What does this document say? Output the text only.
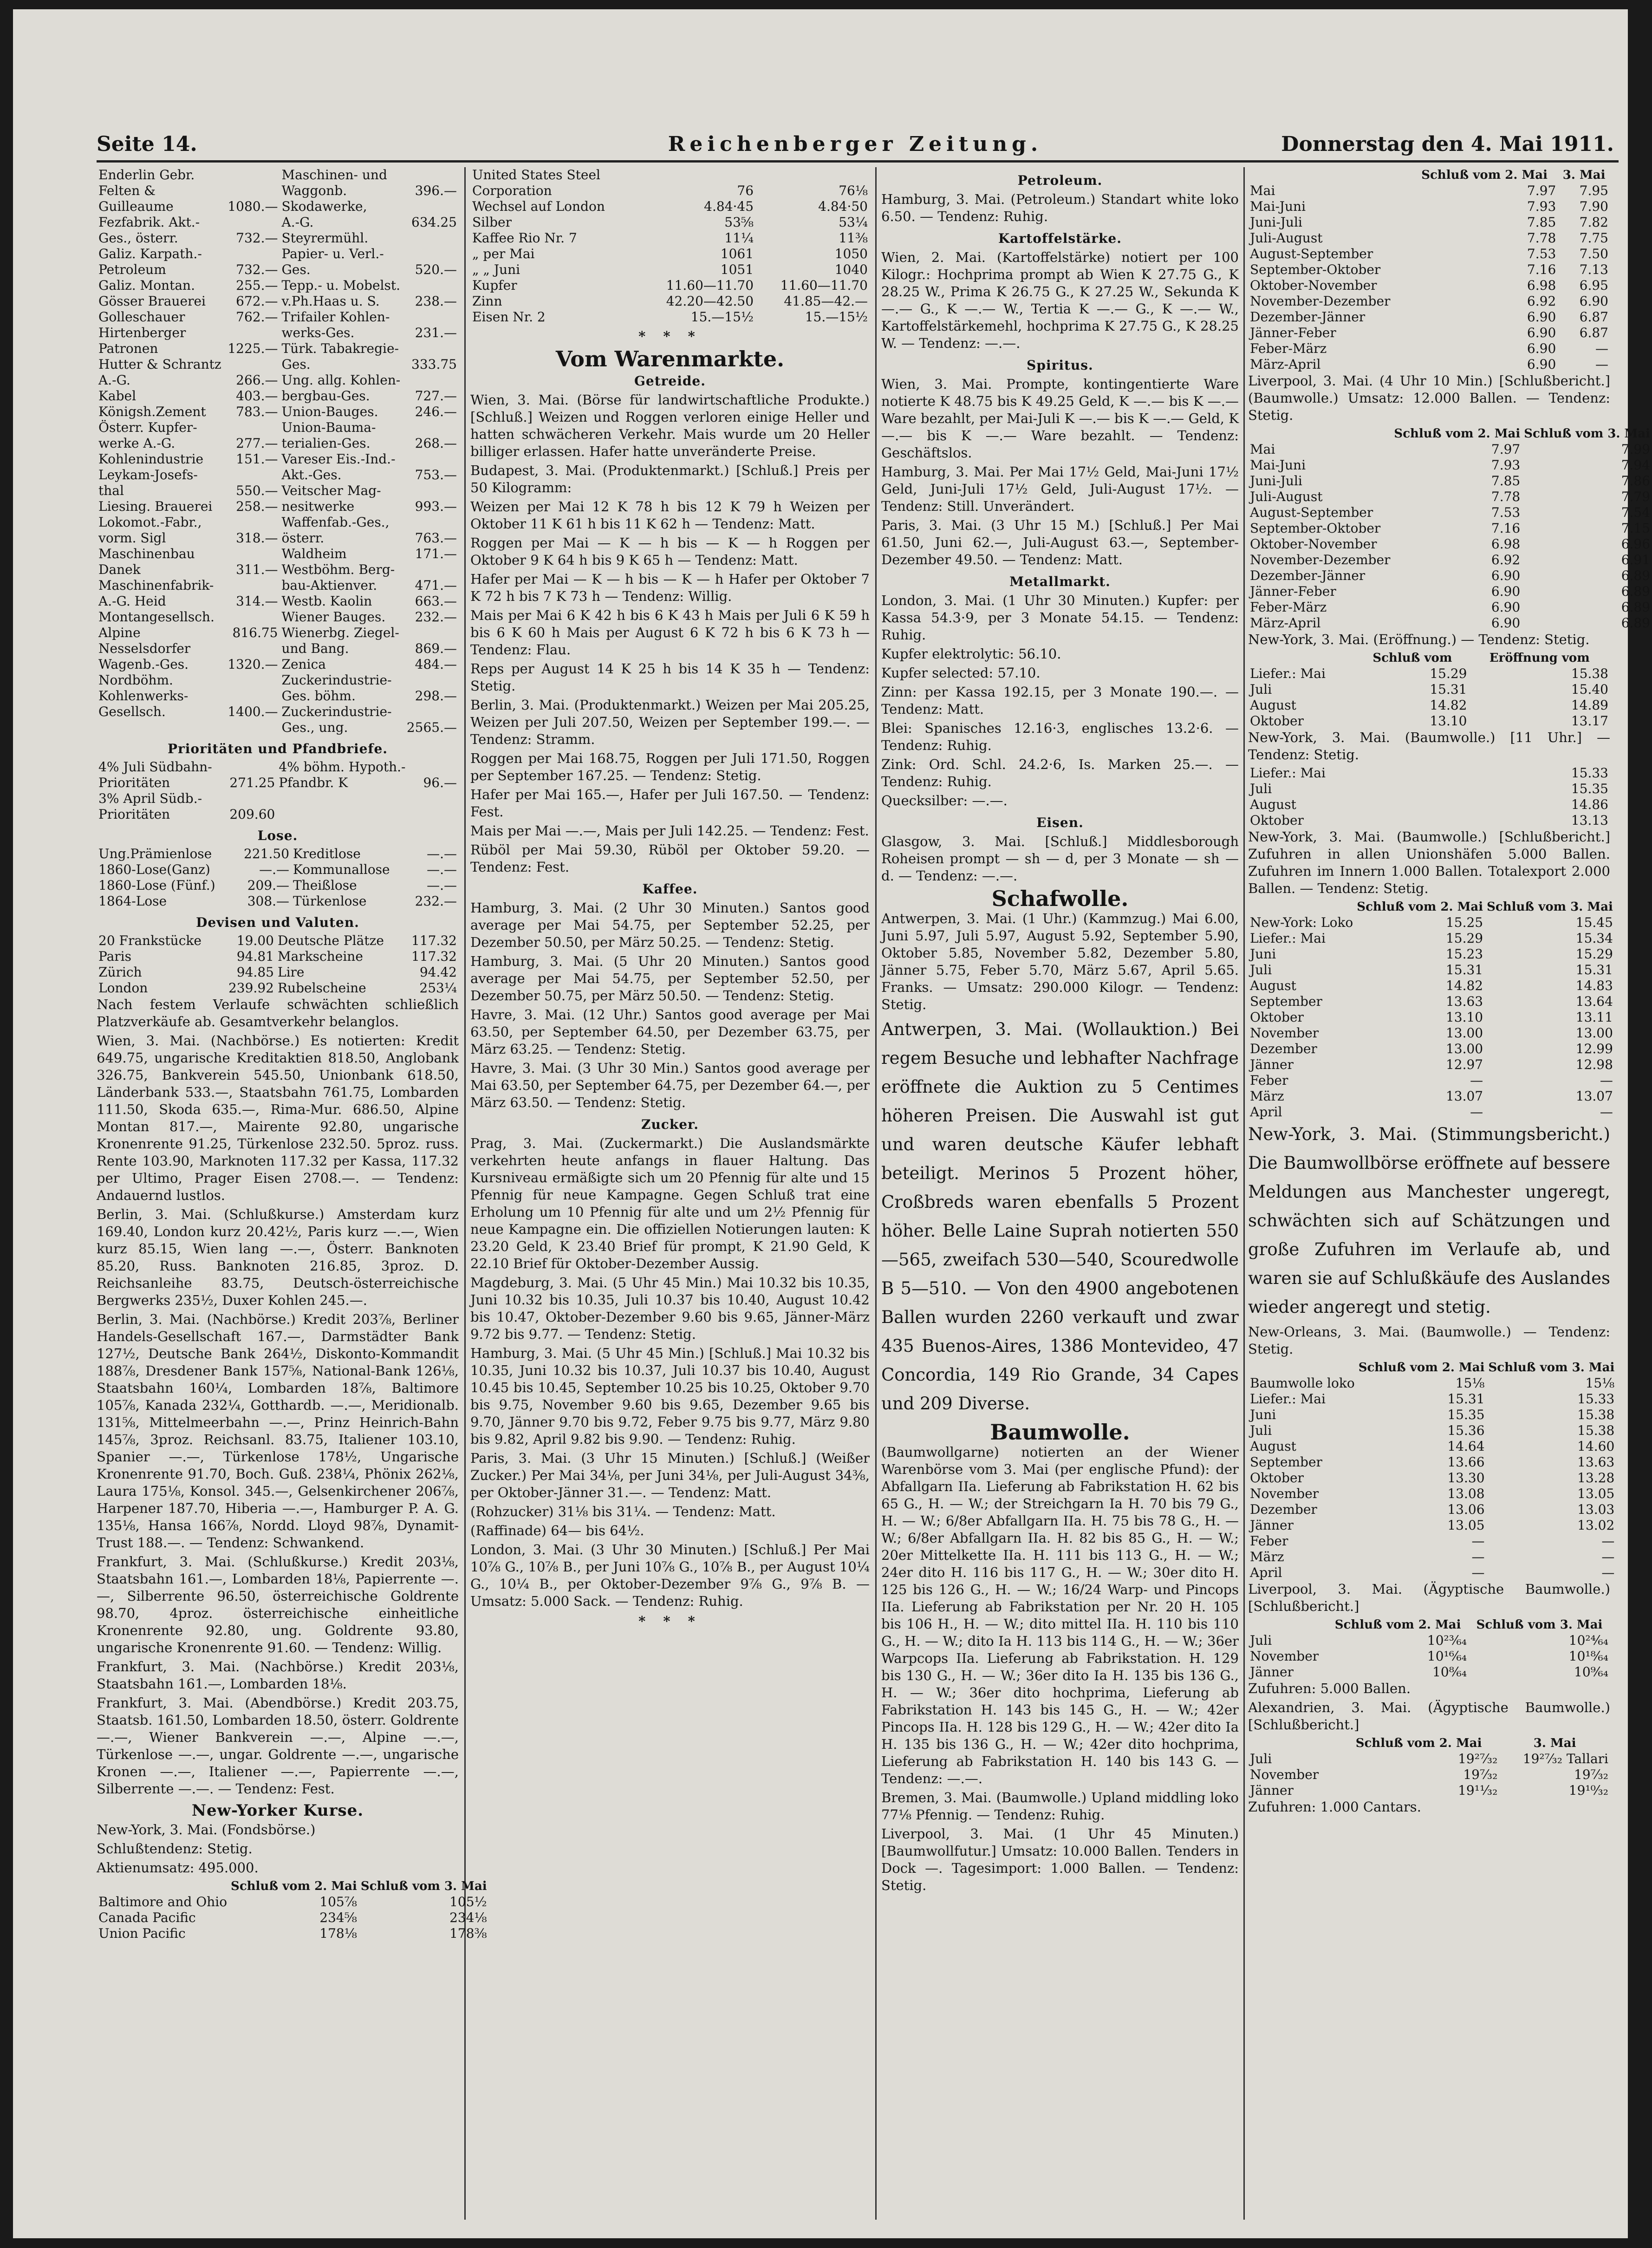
Seite 14.	Reichenberger Zeitung.	Donnerstag den 4. Mai 1911.
Enderlin Gebr.		Maschinen- und	
Felten &		Waggonb.	396.—
Guilleaume	1080.—	Skodawerke,	
Fezfabrik. Akt.-		A.-G.	634.25
Ges., österr.	732.—	Steyrermühl.	
Galiz. Karpath.-		Papier- u. Verl.-	
Petroleum	732.—	Ges.	520.—
Galiz. Montan.	255.—	Tepp.- u. Mobelst.	
Gösser Brauerei	672.—	v.Ph.Haas u. S.	238.—
Golleschauer	762.—	Trifailer Kohlen-	
Hirtenberger		werks-Ges.	231.—
Patronen	1225.—	Türk. Tabakregie-	
Hutter & Schrantz		Ges.	333.75
A.-G.	266.—	Ung. allg. Kohlen-	
Kabel	403.—	bergbau-Ges.	727.—
Königsh.Zement	783.—	Union-Bauges.	246.—
Österr. Kupfer-		Union-Bauma-	
werke A.-G.	277.—	terialien-Ges.	268.—
Kohlenindustrie	151.—	Vareser Eis.-Ind.-	
Leykam-Josefs-		Akt.-Ges.	753.—
thal	550.—	Veitscher Mag-	
Liesing. Brauerei	258.—	nesitwerke	993.—
Lokomot.-Fabr.,		Waffenfab.-Ges.,	
vorm. Sigl	318.—	österr.	763.—
Maschinenbau		Waldheim	171.—
Danek	311.—	Westböhm. Berg-	
Maschinenfabrik-		bau-Aktienver.	471.—
A.-G. Heid	314.—	Westb. Kaolin	663.—
Montangesellsch.		Wiener Bauges.	232.—
Alpine	816.75	Wienerbg. Ziegel-	
Nesselsdorfer		und Bang.	869.—
Wagenb.-Ges.	1320.—	Zenica	484.—
Nordböhm.		Zuckerindustrie-	
Kohlenwerks-		Ges. böhm.	298.—
Gesellsch.	1400.—	Zuckerindustrie-	
		Ges., ung.	2565.—
Prioritäten und Pfandbriefe.
4% Juli Südbahn-		4% böhm. Hypoth.-	
Prioritäten	271.25	Pfandbr. K	96.—
3% April Südb.-			
Prioritäten	209.60		
Lose.
Ung.Prämienlose	221.50	Kreditlose	—.—
1860-Lose(Ganz)	—.—	Kommunallose	—.—
1860-Lose (Fünf.)	209.—	Theißlose	—.—
1864-Lose	308.—	Türkenlose	232.—
Devisen und Valuten.
20 Frankstücke	19.00	Deutsche Plätze	117.32
Paris	94.81	Markscheine	117.32
Zürich	94.85	Lire	94.42
London	239.92	Rubelscheine	253¼

Nach festem Verlaufe schwächten schließlich Platzverkäufe ab. Gesamtverkehr belanglos.

Wien, 3. Mai. (Nachbörse.) Es notierten: Kredit 649.75, ungarische Kreditaktien 818.50, Anglobank 326.75, Bankverein 545.50, Unionbank 618.50, Länderbank 533.—, Staatsbahn 761.75, Lombarden 111.50, Skoda 635.—, Rima-Mur. 686.50, Alpine Montan 817.—, Mairente 92.80, ungarische Kronenrente 91.25, Türkenlose 232.50. 5proz. russ. Rente 103.90, Marknoten 117.32 per Kassa, 117.32 per Ultimo, Prager Eisen 2708.—. — Tendenz: Andauernd lustlos.

Berlin, 3. Mai. (Schlußkurse.) Amsterdam kurz 169.40, London kurz 20.42½, Paris kurz —.—, Wien kurz 85.15, Wien lang —.—, Österr. Banknoten 85.20, Russ. Banknoten 216.85, 3proz. D. Reichsanleihe 83.75, Deutsch-österreichische Bergwerks 235½, Duxer Kohlen 245.—.

Berlin, 3. Mai. (Nachbörse.) Kredit 203⅞, Berliner Handels-Gesellschaft 167.—, Darmstädter Bank 127½, Deutsche Bank 264½, Diskonto-Kommandit 188⅞, Dresdener Bank 157⅝, National-Bank 126⅛, Staatsbahn 160¼, Lombarden 18⅞, Baltimore 105⅞, Kanada 232¼, Gotthardb. —.—, Meridionalb. 131⅝, Mittelmeerbahn —.—, Prinz Heinrich-Bahn 145⅞, 3proz. Reichsanl. 83.75, Italiener 103.10, Spanier —.—, Türkenlose 178½, Ungarische Kronenrente 91.70, Boch. Guß. 238¼, Phönix 262⅛, Laura 175⅛, Konsol. 345.—, Gelsenkirchener 206⅞, Harpener 187.70, Hiberia —.—, Hamburger P. A. G. 135⅛, Hansa 166⅞, Nordd. Lloyd 98⅞, Dynamit-Trust 188.—. — Tendenz: Schwankend.

Frankfurt, 3. Mai. (Schlußkurse.) Kredit 203⅛, Staatsbahn 161.—, Lombarden 18⅛, Papierrente —.—, Silberrente 96.50, österreichische Goldrente 98.70, 4proz. österreichische einheitliche Kronenrente 92.80, ung. Goldrente 93.80, ungarische Kronenrente 91.60. — Tendenz: Willig.

Frankfurt, 3. Mai. (Nachbörse.) Kredit 203⅛, Staatsbahn 161.—, Lombarden 18⅛.

Frankfurt, 3. Mai. (Abendbörse.) Kredit 203.75, Staatsb. 161.50, Lombarden 18.50, österr. Goldrente —.—, Wiener Bankverein —.—, Alpine —.—, Türkenlose —.—, ungar. Goldrente —.—, ungarische Kronen —.—, Italiener —.—, Papierrente —.—, Silberrente —.—. — Tendenz: Fest.

New-Yorker Kurse.

New-York, 3. Mai. (Fondsbörse.)

Schlußtendenz: Stetig.

Aktienumsatz: 495.000.

	Schluß vom 2. Mai	Schluß vom 3. Mai
Baltimore and Ohio	105⅞	105½
Canada Pacific	234⅝	234⅛
Union Pacific	178⅛	178⅜
United States Steel		
Corporation	76	76⅛
Wechsel auf London	4.84·45	4.84·50
Silber	53⅝	53¼
Kaffee Rio Nr. 7	11¼	11⅜
„ per Mai	1061	1050
„ „ Juni	1051	1040
Kupfer	11.60—11.70	11.60—11.70
Zinn	42.20—42.50	41.85—42.—
Eisen Nr. 2	15.—15½	15.—15½
* * *
Vom Warenmarkte.
Getreide.

Wien, 3. Mai. (Börse für landwirtschaftliche Produkte.) [Schluß.] Weizen und Roggen verloren einige Heller und hatten schwächeren Verkehr. Mais wurde um 20 Heller billiger erlassen. Hafer hatte unveränderte Preise.

Budapest, 3. Mai. (Produktenmarkt.) [Schluß.] Preis per 50 Kilogramm:

Weizen per Mai 12 K 78 h bis 12 K 79 h Weizen per Oktober 11 K 61 h bis 11 K 62 h — Tendenz: Matt.

Roggen per Mai — K — h bis — K — h Roggen per Oktober 9 K 64 h bis 9 K 65 h — Tendenz: Matt.

Hafer per Mai — K — h bis — K — h Hafer per Oktober 7 K 72 h bis 7 K 73 h — Tendenz: Willig.

Mais per Mai 6 K 42 h bis 6 K 43 h Mais per Juli 6 K 59 h bis 6 K 60 h Mais per August 6 K 72 h bis 6 K 73 h — Tendenz: Flau.

Reps per August 14 K 25 h bis 14 K 35 h — Tendenz: Stetig.

Berlin, 3. Mai. (Produktenmarkt.) Weizen per Mai 205.25, Weizen per Juli 207.50, Weizen per September 199.—. — Tendenz: Stramm.

Roggen per Mai 168.75, Roggen per Juli 171.50, Roggen per September 167.25. — Tendenz: Stetig.

Hafer per Mai 165.—, Hafer per Juli 167.50. — Tendenz: Fest.

Mais per Mai —.—, Mais per Juli 142.25. — Tendenz: Fest.

Rüböl per Mai 59.30, Rüböl per Oktober 59.20. — Tendenz: Fest.

Kaffee.

Hamburg, 3. Mai. (2 Uhr 30 Minuten.) Santos good average per Mai 54.75, per September 52.25, per Dezember 50.50, per März 50.25. — Tendenz: Stetig.

Hamburg, 3. Mai. (5 Uhr 20 Minuten.) Santos good average per Mai 54.75, per September 52.50, per Dezember 50.75, per März 50.50. — Tendenz: Stetig.

Havre, 3. Mai. (12 Uhr.) Santos good average per Mai 63.50, per September 64.50, per Dezember 63.75, per März 63.25. — Tendenz: Stetig.

Havre, 3. Mai. (3 Uhr 30 Min.) Santos good average per Mai 63.50, per September 64.75, per Dezember 64.—, per März 63.50. — Tendenz: Stetig.

Zucker.

Prag, 3. Mai. (Zuckermarkt.) Die Auslandsmärkte verkehrten heute anfangs in flauer Haltung. Das Kursniveau ermäßigte sich um 20 Pfennig für alte und 15 Pfennig für neue Kampagne. Gegen Schluß trat eine Erholung um 10 Pfennig für alte und um 2½ Pfennig für neue Kampagne ein. Die offiziellen Notierungen lauten: K 23.20 Geld, K 23.40 Brief für prompt, K 21.90 Geld, K 22.10 Brief für Oktober-Dezember Aussig.

Magdeburg, 3. Mai. (5 Uhr 45 Min.) Mai 10.32 bis 10.35, Juni 10.32 bis 10.35, Juli 10.37 bis 10.40, August 10.42 bis 10.47, Oktober-Dezember 9.60 bis 9.65, Jänner-März 9.72 bis 9.77. — Tendenz: Stetig.

Hamburg, 3. Mai. (5 Uhr 45 Min.) [Schluß.] Mai 10.32 bis 10.35, Juni 10.32 bis 10.37, Juli 10.37 bis 10.40, August 10.45 bis 10.45, September 10.25 bis 10.25, Oktober 9.70 bis 9.75, November 9.60 bis 9.65, Dezember 9.65 bis 9.70, Jänner 9.70 bis 9.72, Feber 9.75 bis 9.77, März 9.80 bis 9.82, April 9.82 bis 9.90. — Tendenz: Ruhig.

Paris, 3. Mai. (3 Uhr 15 Minuten.) [Schluß.] (Weißer Zucker.) Per Mai 34⅛, per Juni 34⅛, per Juli-August 34⅜, per Oktober-Jänner 31.—. — Tendenz: Matt.

(Rohzucker) 31⅛ bis 31¼. — Tendenz: Matt.

(Raffinade) 64— bis 64½.

London, 3. Mai. (3 Uhr 30 Minuten.) [Schluß.] Per Mai 10⅞ G., 10⅞ B., per Juni 10⅞ G., 10⅞ B., per August 10¼ G., 10¼ B., per Oktober-Dezember 9⅞ G., 9⅞ B. — Umsatz: 5.000 Sack. — Tendenz: Ruhig.

* * *
Petroleum.

Hamburg, 3. Mai. (Petroleum.) Standart white loko 6.50. — Tendenz: Ruhig.

Kartoffelstärke.

Wien, 2. Mai. (Kartoffelstärke) notiert per 100 Kilogr.: Hochprima prompt ab Wien K 27.75 G., K 28.25 W., Prima K 26.75 G., K 27.25 W., Sekunda K —.— G., K —.— W., Tertia K —.— G., K —.— W., Kartoffelstärkemehl, hochprima K 27.75 G., K 28.25 W. — Tendenz: —.—.

Spiritus.

Wien, 3. Mai. Prompte, kontingentierte Ware notierte K 48.75 bis K 49.25 Geld, K —.— bis K —.— Ware bezahlt, per Mai-Juli K —.— bis K —.— Geld, K —.— bis K —.— Ware bezahlt. — Tendenz: Geschäftslos.

Hamburg, 3. Mai. Per Mai 17½ Geld, Mai-Juni 17½ Geld, Juni-Juli 17½ Geld, Juli-August 17½. — Tendenz: Still. Unverändert.

Paris, 3. Mai. (3 Uhr 15 M.) [Schluß.] Per Mai 61.50, Juni 62.—, Juli-August 63.—, September-Dezember 49.50. — Tendenz: Matt.

Metallmarkt.

London, 3. Mai. (1 Uhr 30 Minuten.) Kupfer: per Kassa 54.3·9, per 3 Monate 54.15. — Tendenz: Ruhig.

Kupfer elektrolytic: 56.10.

Kupfer selected: 57.10.

Zinn: per Kassa 192.15, per 3 Monate 190.—. — Tendenz: Matt.

Blei: Spanisches 12.16·3, englisches 13.2·6. — Tendenz: Ruhig.

Zink: Ord. Schl. 24.2·6, Is. Marken 25.—. — Tendenz: Ruhig.

Quecksilber: —.—.

Eisen.

Glasgow, 3. Mai. [Schluß.] Middlesborough Roheisen prompt — sh — d, per 3 Monate — sh — d. — Tendenz: —.—.

Schafwolle.

Antwerpen, 3. Mai. (1 Uhr.) (Kammzug.) Mai 6.00, Juni 5.97, Juli 5.97, August 5.92, September 5.90, Oktober 5.85, November 5.82, Dezember 5.80, Jänner 5.75, Feber 5.70, März 5.67, April 5.65. Franks. — Umsatz: 290.000 Kilogr. — Tendenz: Stetig.

Antwerpen, 3. Mai. (Wollauktion.) Bei regem Besuche und lebhafter Nachfrage eröffnete die Auktion zu 5 Centimes höheren Preisen. Die Auswahl ist gut und waren deutsche Käufer lebhaft beteiligt. Merinos 5 Prozent höher, Croßbreds waren ebenfalls 5 Prozent höher. Belle Laine Suprah notierten 550—565, zweifach 530—540, Scouredwolle B 5—510. — Von den 4900 angebotenen Ballen wurden 2260 verkauft und zwar 435 Buenos-Aires, 1386 Montevideo, 47 Concordia, 149 Rio Grande, 34 Capes und 209 Diverse.

Baumwolle.

(Baumwollgarne) notierten an der Wiener Warenbörse vom 3. Mai (per englische Pfund): der Abfallgarn IIa. Lieferung ab Fabrikstation H. 62 bis 65 G., H. — W.; der Streichgarn Ia H. 70 bis 79 G., H. — W.; 6/8er Abfallgarn IIa. H. 75 bis 78 G., H. — W.; 6/8er Abfallgarn IIa. H. 82 bis 85 G., H. — W.; 20er Mittelkette IIa. H. 111 bis 113 G., H. — W.; 24er dito H. 116 bis 117 G., H. — W.; 30er dito H. 125 bis 126 G., H. — W.; 16/24 Warp- und Pincops IIa. Lieferung ab Fabrikstation per Nr. 20 H. 105 bis 106 H., H. — W.; dito mittel IIa. H. 110 bis 110 G., H. — W.; dito Ia H. 113 bis 114 G., H. — W.; 36er Warpcops IIa. Lieferung ab Fabrikstation. H. 129 bis 130 G., H. — W.; 36er dito Ia H. 135 bis 136 G., H. — W.; 36er dito hochprima, Lieferung ab Fabrikstation H. 143 bis 145 G., H. — W.; 42er Pincops IIa. H. 128 bis 129 G., H. — W.; 42er dito Ia H. 135 bis 136 G., H. — W.; 42er dito hochprima, Lieferung ab Fabrikstation H. 140 bis 143 G. — Tendenz: —.—.

Bremen, 3. Mai. (Baumwolle.) Upland middling loko 77⅛ Pfennig. — Tendenz: Ruhig.

Liverpool, 3. Mai. (1 Uhr 45 Minuten.) [Baumwollfutur.] Umsatz: 10.000 Ballen. Tenders in Dock —. Tagesimport: 1.000 Ballen. — Tendenz: Stetig.

	Schluß vom 2. Mai	3. Mai
Mai	7.97	7.95
Mai-Juni	7.93	7.90
Juni-Juli	7.85	7.82
Juli-August	7.78	7.75
August-September	7.53	7.50
September-Oktober	7.16	7.13
Oktober-November	6.98	6.95
November-Dezember	6.92	6.90
Dezember-Jänner	6.90	6.87
Jänner-Feber	6.90	6.87
Feber-März	6.90	—
März-April	6.90	—

Liverpool, 3. Mai. (4 Uhr 10 Min.) [Schlußbericht.] (Baumwolle.) Umsatz: 12.000 Ballen. — Tendenz: Stetig.

	Schluß vom 2. Mai	Schluß vom 3. Mai
Mai	7.97	7.99
Mai-Juni	7.93	7.94
Juni-Juli	7.85	7.86
Juli-August	7.78	7.79
August-September	7.53	7.54
September-Oktober	7.16	7.15
Oktober-November	6.98	6.96
November-Dezember	6.92	6.91
Dezember-Jänner	6.90	6.89
Jänner-Feber	6.90	6.89
Feber-März	6.90	6.89
März-April	6.90	6.89

New-York, 3. Mai. (Eröffnung.) — Tendenz: Stetig.

	Schluß vom	Eröffnung vom
Liefer.: Mai	15.29	15.38
Juli	15.31	15.40
August	14.82	14.89
Oktober	13.10	13.17

New-York, 3. Mai. (Baumwolle.) [11 Uhr.] — Tendenz: Stetig.

Liefer.: Mai	15.33
Juli	15.35
August	14.86
Oktober	13.13

New-York, 3. Mai. (Baumwolle.) [Schlußbericht.] Zufuhren in allen Unionshäfen 5.000 Ballen. Zufuhren im Innern 1.000 Ballen. Totalexport 2.000 Ballen. — Tendenz: Stetig.

	Schluß vom 2. Mai	Schluß vom 3. Mai
New-York: Loko	15.25	15.45
Liefer.: Mai	15.29	15.34
Juni	15.23	15.29
Juli	15.31	15.31
August	14.82	14.83
September	13.63	13.64
Oktober	13.10	13.11
November	13.00	13.00
Dezember	13.00	12.99
Jänner	12.97	12.98
Feber	—	—
März	13.07	13.07
April	—	—

New-York, 3. Mai. (Stimmungsbericht.) Die Baumwollbörse eröffnete auf bessere Meldungen aus Manchester ungeregt, schwächten sich auf Schätzungen und große Zufuhren im Verlaufe ab, und waren sie auf Schlußkäufe des Auslandes wieder angeregt und stetig.

New-Orleans, 3. Mai. (Baumwolle.) — Tendenz: Stetig.

	Schluß vom 2. Mai	Schluß vom 3. Mai
Baumwolle loko	15⅛	15⅛
Liefer.: Mai	15.31	15.33
Juni	15.35	15.38
Juli	15.36	15.38
August	14.64	14.60
September	13.66	13.63
Oktober	13.30	13.28
November	13.08	13.05
Dezember	13.06	13.03
Jänner	13.05	13.02
Feber	—	—
März	—	—
April	—	—

Liverpool, 3. Mai. (Ägyptische Baumwolle.) [Schlußbericht.]

	Schluß vom 2. Mai	Schluß vom 3. Mai
Juli	10²³⁄₆₄	10²⁴⁄₆₄
November	10¹⁶⁄₆₄	10¹⁸⁄₆₄
Jänner	10⁸⁄₆₄	10⁹⁄₆₄

Zufuhren: 5.000 Ballen.

Alexandrien, 3. Mai. (Ägyptische Baumwolle.) [Schlußbericht.]

	Schluß vom 2. Mai	3. Mai
Juli	19²⁷⁄₃₂	19²⁷⁄₃₂ Tallari
November	19⁷⁄₃₂	19⁷⁄₃₂
Jänner	19¹¹⁄₃₂	19¹⁰⁄₃₂

Zufuhren: 1.000 Cantars.
